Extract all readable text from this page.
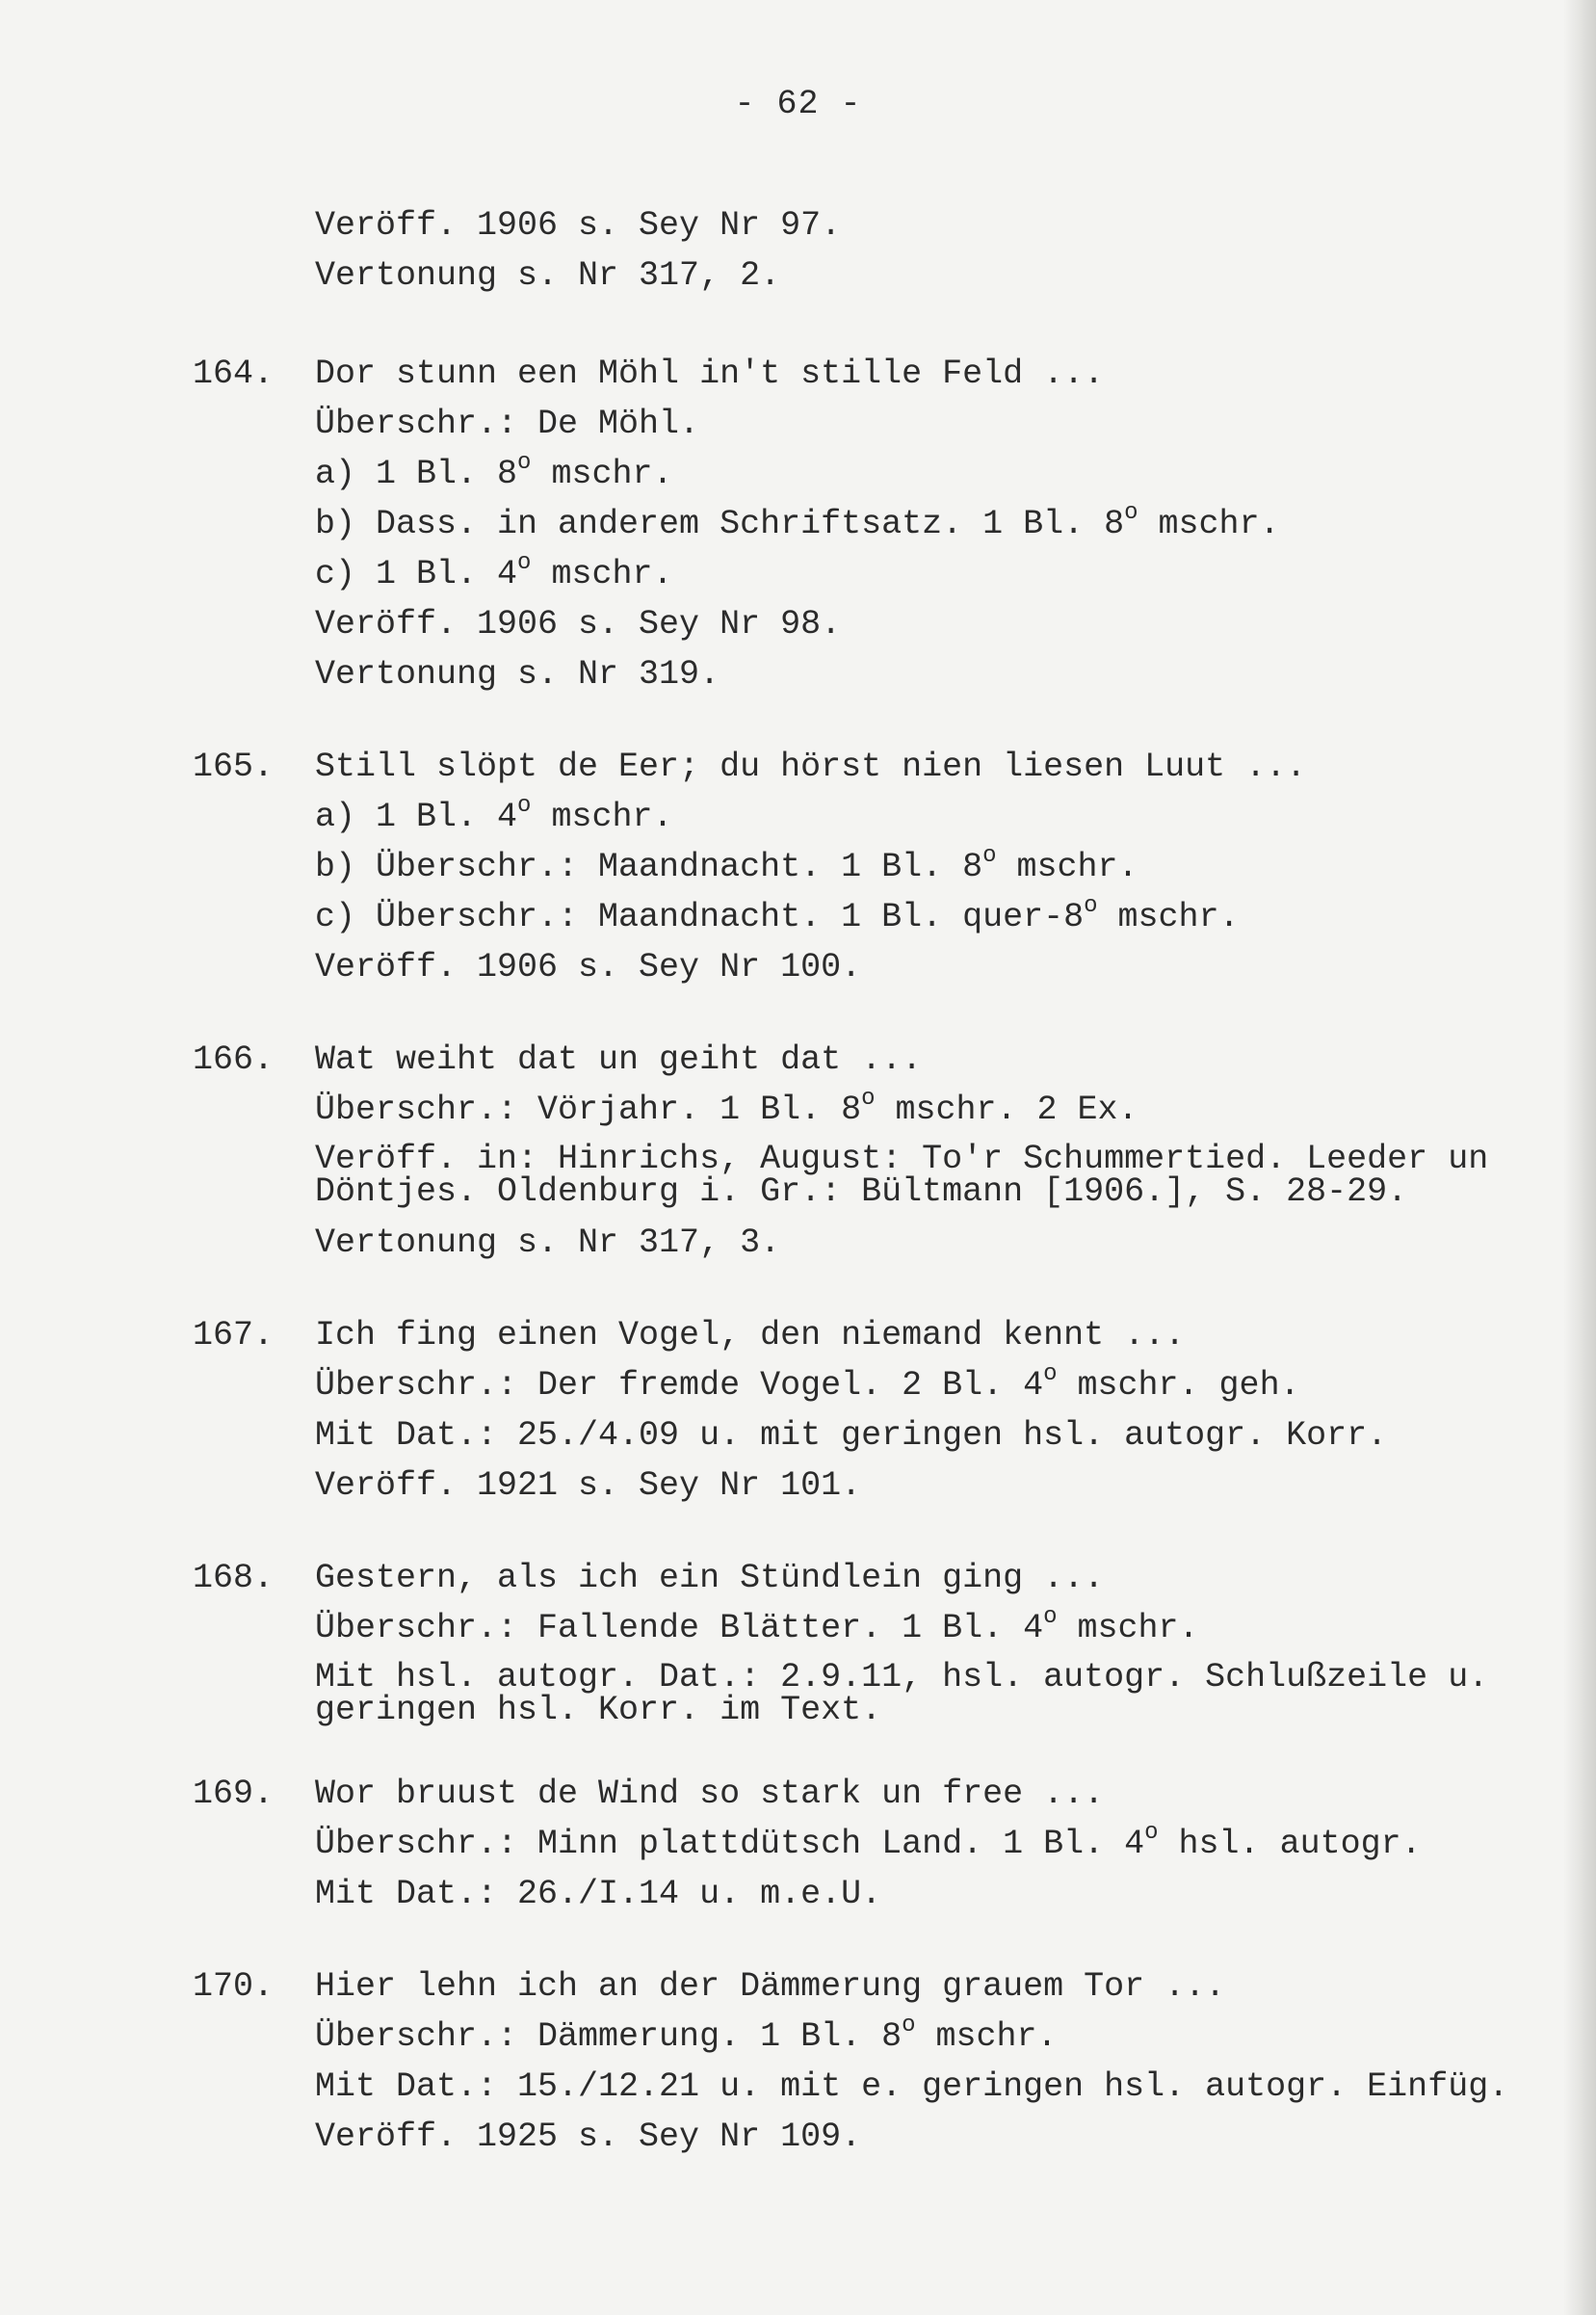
- 62 -
Veröff. 1906 s. Sey Nr 97.
Vertonung s. Nr 317, 2.
164. Dor stunn een Möhl in't stille Feld ...
Überschr.: De Möhl.
a) 1 Bl. 8$^o$ mschr.
b) Dass. in anderem Schriftsatz. 1 Bl. 8$^o$ mschr.
c) 1 Bl. 4$^o$ mschr.
Veröff. 1906 s. Sey Nr 98.
Vertonung s. Nr 319.
165. Still slöpt de Eer; du hörst nien liesen Luut ...
a) 1 Bl. 4$^o$ mschr.
b) Überschr.: Maandnacht. 1 Bl. 8$^o$ mschr.
c) Überschr.: Maandnacht. 1 Bl. quer-8$^o$ mschr.
Veröff. 1906 s. Sey Nr 100.
166. Wat weiht dat un geiht dat ...
Überschr.: Vörjahr. 1 Bl. 8$^o$ mschr. 2 Ex.
Veröff. in: Hinrichs, August: To'r Schummertied. Leeder un Döntjes. Oldenburg i. Gr.: Bültmann [1906.], S. 28-29.
Vertonung s. Nr 317, 3.
167. Ich fing einen Vogel, den niemand kennt ...
Überschr.: Der fremde Vogel. 2 Bl. 4$^o$ mschr. geh.
Mit Dat.: 25./4.09 u. mit geringen hsl. autogr. Korr.
Veröff. 1921 s. Sey Nr 101.
168. Gestern, als ich ein Stündlein ging ...
Überschr.: Fallende Blätter. 1 Bl. 4$^o$ mschr.
Mit hsl. autogr. Dat.: 2.9.11, hsl. autogr. Schlußzeile u. geringen hsl. Korr. im Text.
169. Wor bruust de Wind so stark un free ...
Überschr.: Minn plattdütsch Land. 1 Bl. 4$^o$ hsl. autogr.
Mit Dat.: 26./I.14 u. m.e.U.
170. Hier lehn ich an der Dämmerung grauem Tor ...
Überschr.: Dämmerung. 1 Bl. 8$^o$ mschr.
Mit Dat.: 15./12.21 u. mit e. geringen hsl. autogr. Einfüg.
Veröff. 1925 s. Sey Nr 109.
